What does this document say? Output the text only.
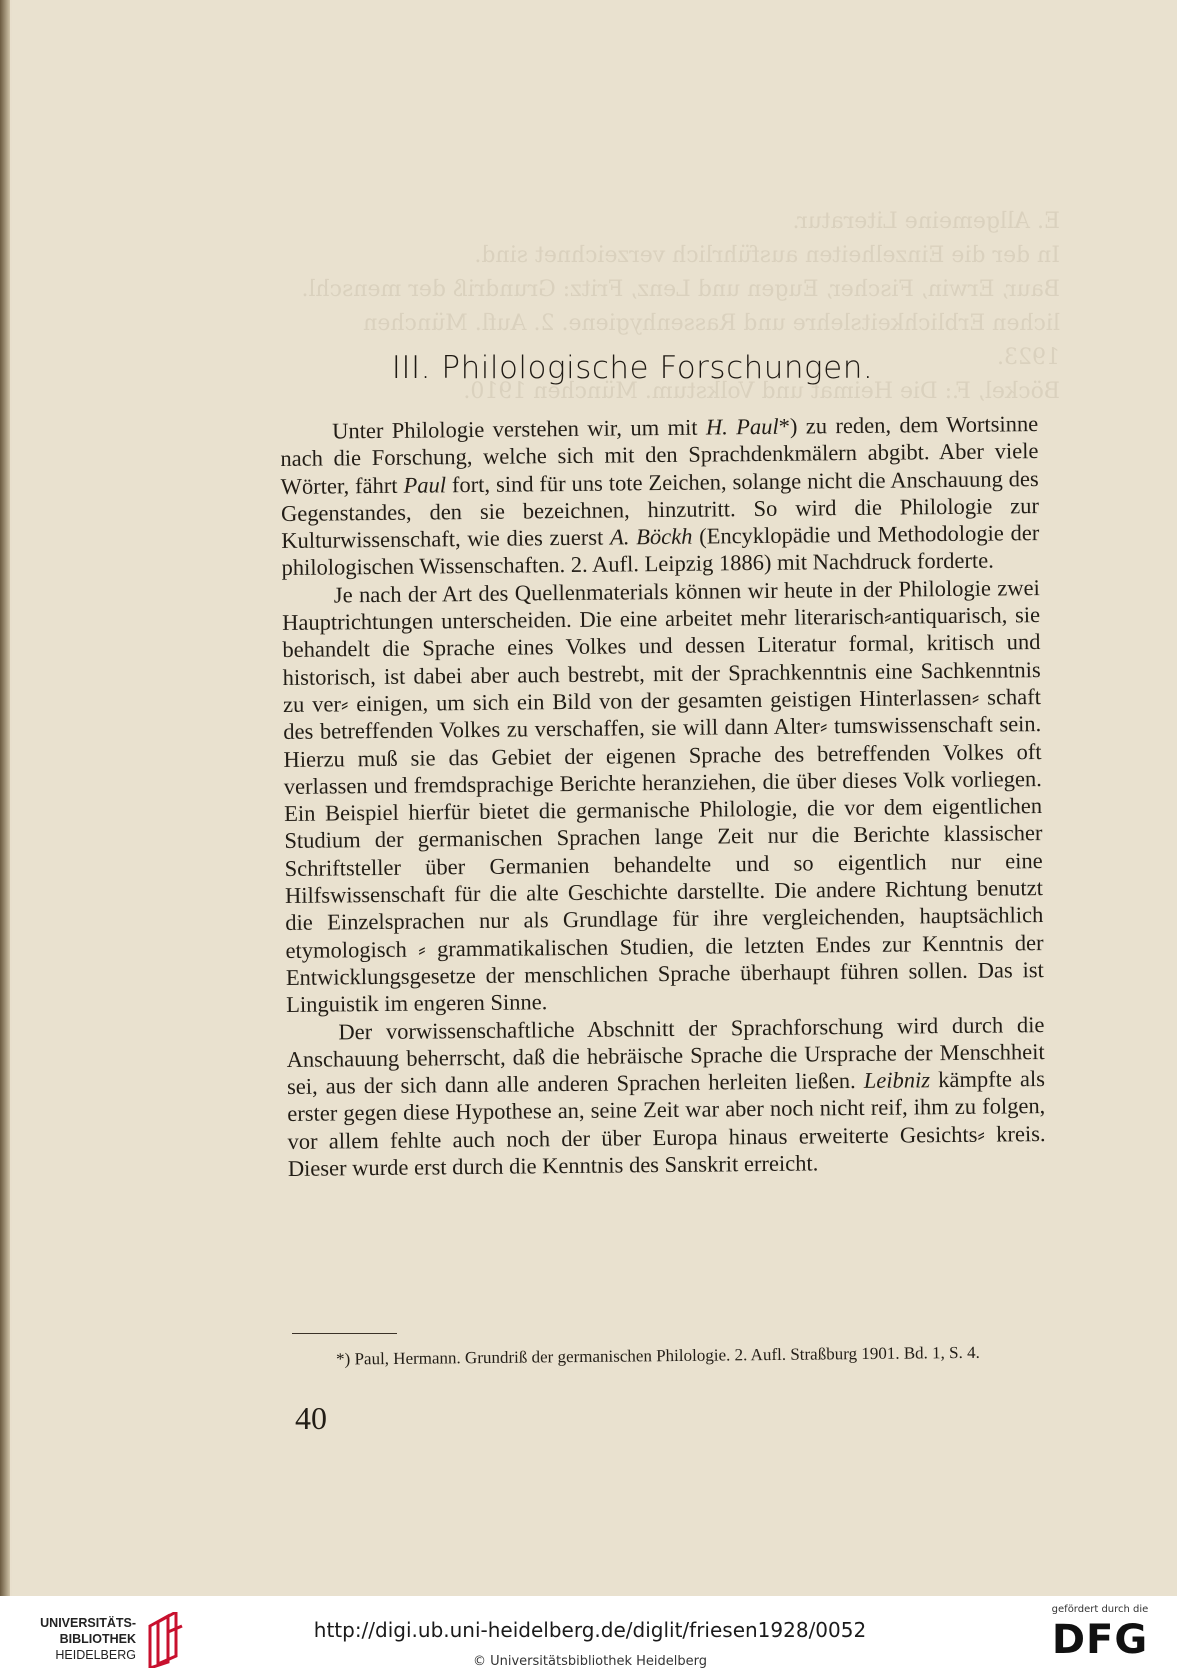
III. Philologische Forschungen.

Unter Philologie verstehen wir, um mit H. Paul*) zu reden, dem Wortsinne nach die Forschung, welche sich mit den Sprachdenkmälern abgibt. Aber viele Wörter, fährt Paul fort, sind für uns tote Zeichen, solange nicht die Anschauung des Gegenstandes, den sie bezeichnen, hinzutritt. So wird die Philologie zur Kulturwissenschaft, wie dies zuerst A. Böckh (Encyklopädie und Methodologie der philologischen Wissenschaften. 2. Aufl. Leipzig 1886) mit Nachdruck forderte.

Je nach der Art des Quellenmaterials können wir heute in der Philologie zwei Hauptrichtungen unterscheiden. Die eine arbeitet mehr literarisch⸗antiquarisch, sie behandelt die Sprache eines Volkes und dessen Literatur formal, kritisch und historisch, ist dabei aber auch bestrebt, mit der Sprachkenntnis eine Sachkenntnis zu ver⸗ einigen, um sich ein Bild von der gesamten geistigen Hinterlassen⸗ schaft des betreffenden Volkes zu verschaffen, sie will dann Alter⸗ tumswissenschaft sein. Hierzu muß sie das Gebiet der eigenen Sprache des betreffenden Volkes oft verlassen und fremdsprachige Berichte heranziehen, die über dieses Volk vorliegen. Ein Beispiel hierfür bietet die germanische Philologie, die vor dem eigentlichen Studium der germanischen Sprachen lange Zeit nur die Berichte klassischer Schriftsteller über Germanien behandelte und so eigentlich nur eine Hilfswissenschaft für die alte Geschichte darstellte. Die andere Richtung benutzt die Einzelsprachen nur als Grundlage für ihre vergleichenden, hauptsächlich etymologisch ⸗ grammatikalischen Studien, die letzten Endes zur Kenntnis der Entwicklungsgesetze der menschlichen Sprache überhaupt führen sollen. Das ist Linguistik im engeren Sinne.

Der vorwissenschaftliche Abschnitt der Sprachforschung wird durch die Anschauung beherrscht, daß die hebräische Sprache die Ursprache der Menschheit sei, aus der sich dann alle anderen Sprachen herleiten ließen. Leibniz kämpfte als erster gegen diese Hypothese an, seine Zeit war aber noch nicht reif, ihm zu folgen, vor allem fehlte auch noch der über Europa hinaus erweiterte Gesichts⸗ kreis. Dieser wurde erst durch die Kenntnis des Sanskrit erreicht.

*) Paul, Hermann. Grundriß der germanischen Philologie. 2. Aufl. Straßburg 1901. Bd. 1, S. 4.

40
UNIVERSITÄTS-
BIBLIOTHEK
HEIDELBERG
http://digi.ub.uni-heidelberg.de/diglit/friesen1928/0052
© Universitätsbibliothek Heidelberg
gefördert durch die
DFG
